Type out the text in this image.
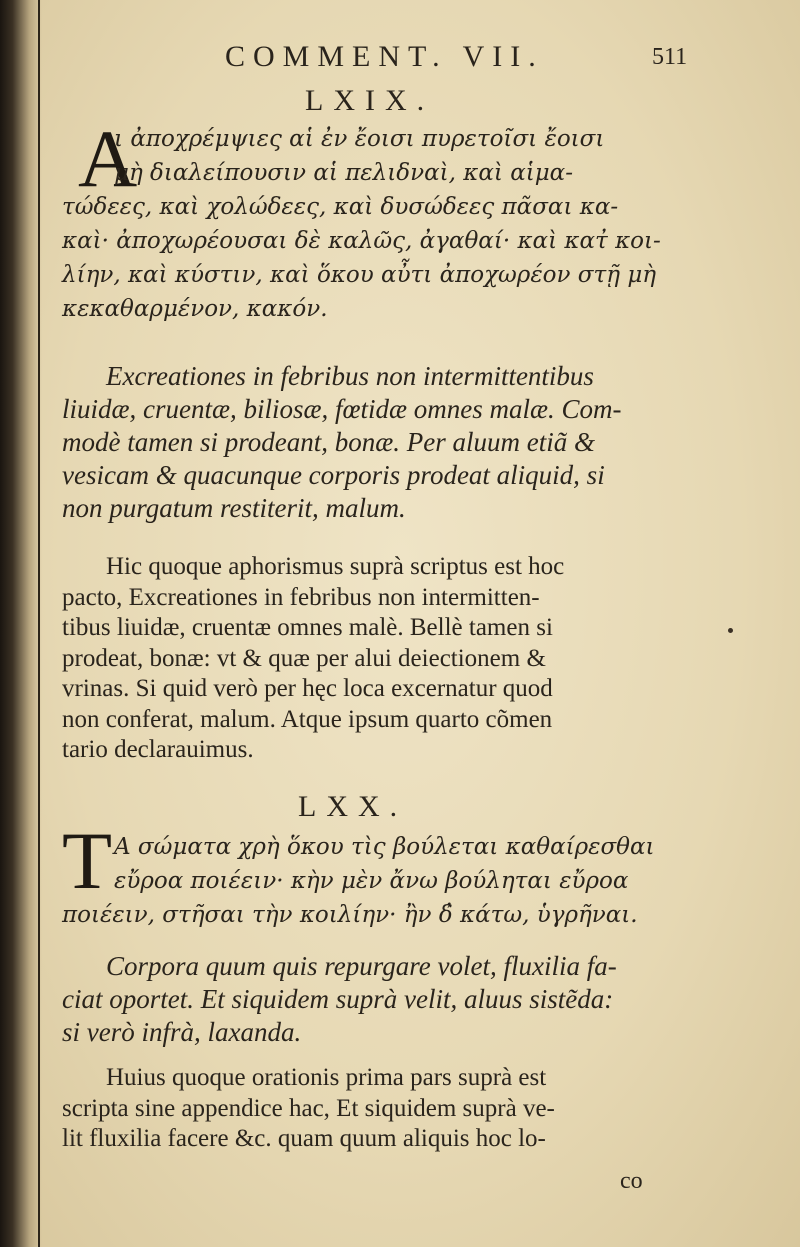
COMMENT. VII.	511
LXIX.
A
ι ἀποχρέμψιες αἱ ἐν ἔοισι πυρετοῖσι ἔοισι
μὴ διαλείπουσιν αἱ πελιδναὶ, καὶ αἱμα-
τώδεες, καὶ χολώδεες, καὶ δυσώδεες πᾶσαι κα-
καὶ· ἀποχωρέουσαι δὲ καλῶς, ἀγαθαί· καὶ κατ̓ κοι-
λίην, καὶ κύστιν, καὶ ὅκου αὖτι ἀποχωρέον στῇ μὴ
κεκαθαρμένον, κακόν.
Excreationes in febribus non intermittentibus
liuidæ, cruentæ, biliosæ, fœtidæ omnes malæ. Com-
modè tamen si prodeant, bonæ. Per aluum etiã &
vesicam & quacunque corporis prodeat aliquid, si
non purgatum restiterit, malum.
Hic quoque aphorismus suprà scriptus est hoc
pacto, Excreationes in febribus non intermitten-
tibus liuidæ, cruentæ omnes malè. Bellè tamen si
prodeat, bonæ: vt & quæ per alui deiectionem &
vrinas. Si quid verò per hęc loca excernatur quod
non conferat, malum. Atque ipsum quarto cõmen
tario declarauimus.
LXX.
T A σώματα χρὴ ὅκου τὶς βούλεται καθαίρεσθαι
εὔροα ποιέειν· κὴν μὲν ἄνω βούληται εὔροα
ποιέειν, στῆσαι τὴν κοιλίην· ἢν δ̓ κάτω, ὑγρῆναι.
Corpora quum quis repurgare volet, fluxilia fa-
ciat oportet. Et siquidem suprà velit, aluus sistẽda:
si verò infrà, laxanda.
Huius quoque orationis prima pars suprà est
scripta sine appendice hac, Et siquidem suprà ve-
lit fluxilia facere &c. quam quum aliquis hoc lo-
co
